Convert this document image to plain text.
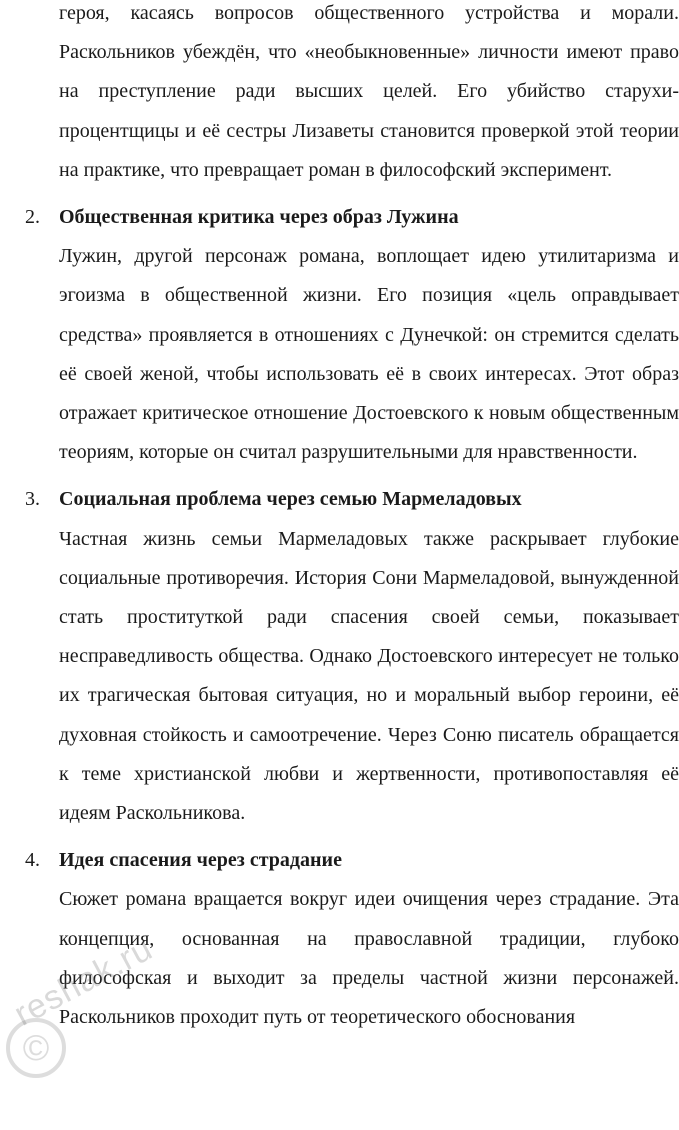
героя, касаясь вопросов общественного устройства и морали. Раскольников убеждён, что «необыкновенные» личности имеют право на преступление ради высших целей. Его убийство старухи-процентщицы и её сестры Лизаветы становится проверкой этой теории на практике, что превращает роман в философский эксперимент.

2. Общественная критика через образ Лужина

Лужин, другой персонаж романа, воплощает идею утилитаризма и эгоизма в общественной жизни. Его позиция «цель оправдывает средства» проявляется в отношениях с Дунечкой: он стремится сделать её своей женой, чтобы использовать её в своих интересах. Этот образ отражает критическое отношение Достоевского к новым общественным теориям, которые он считал разрушительными для нравственности.

3. Социальная проблема через семью Мармеладовых

Частная жизнь семьи Мармеладовых также раскрывает глубокие социальные противоречия. История Сони Мармеладовой, вынужденной стать проституткой ради спасения своей семьи, показывает несправедливость общества. Однако Достоевского интересует не только их трагическая бытовая ситуация, но и моральный выбор героини, её духовная стойкость и самоотречение. Через Соню писатель обращается к теме христианской любви и жертвенности, противопоставляя её идеям Раскольникова.

4. Идея спасения через страдание

Сюжет романа вращается вокруг идеи очищения через страдание. Эта концепция, основанная на православной традиции, глубоко философская и выходит за пределы частной жизни персонажей. Раскольников проходит путь от теоретического обоснования

reshak.ru
©
